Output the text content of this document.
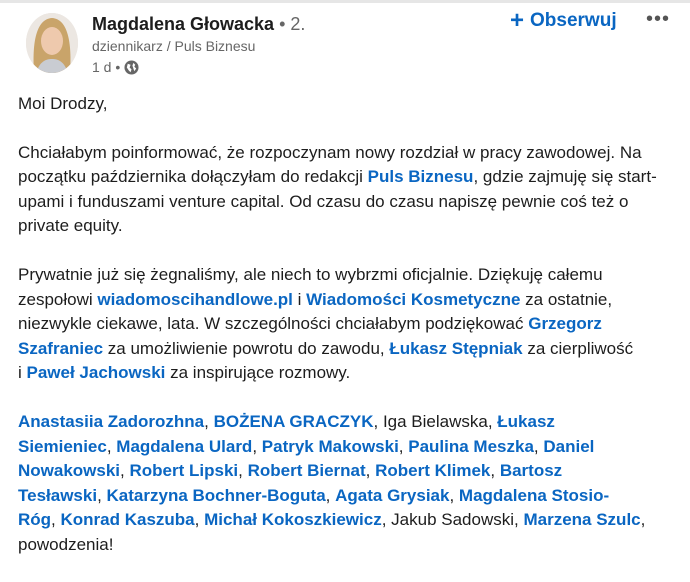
Magdalena Głowacka • 2.
dziennikarz / Puls Biznesu
1 d •
+ Obserwuj •••
Moi Drodzy,
Chciałabym poinformować, że rozpoczynam nowy rozdział w pracy zawodowej. Na
początku października dołączyłam do redakcji Puls Biznesu, gdzie zajmuję się start-
upami i funduszami venture capital. Od czasu do czasu napiszę pewnie coś też o
private equity.
Prywatnie już się żegnaliśmy, ale niech to wybrzmi oficjalnie. Dziękuję całemu
zespołowi wiadomoscihandlowe.pl i Wiadomości Kosmetyczne za ostatnie,
niezwykle ciekawe, lata. W szczególności chciałabym podziękować Grzegorz
Szafraniec za umożliwienie powrotu do zawodu, Łukasz Stępniak za cierpliwość
i Paweł Jachowski za inspirujące rozmowy.
Anastasiia Zadorozhna, BOŻENA GRACZYK, Iga Bielawska, Łukasz
Siemieniec, Magdalena Ulard, Patryk Makowski, Paulina Meszka, Daniel
Nowakowski, Robert Lipski, Robert Biernat, Robert Klimek, Bartosz
Tesławski, Katarzyna Bochner-Boguta, Agata Grysiak, Magdalena Stosio-
Róg, Konrad Kaszuba, Michał Kokoszkiewicz, Jakub Sadowski, Marzena Szulc,
powodzenia!
